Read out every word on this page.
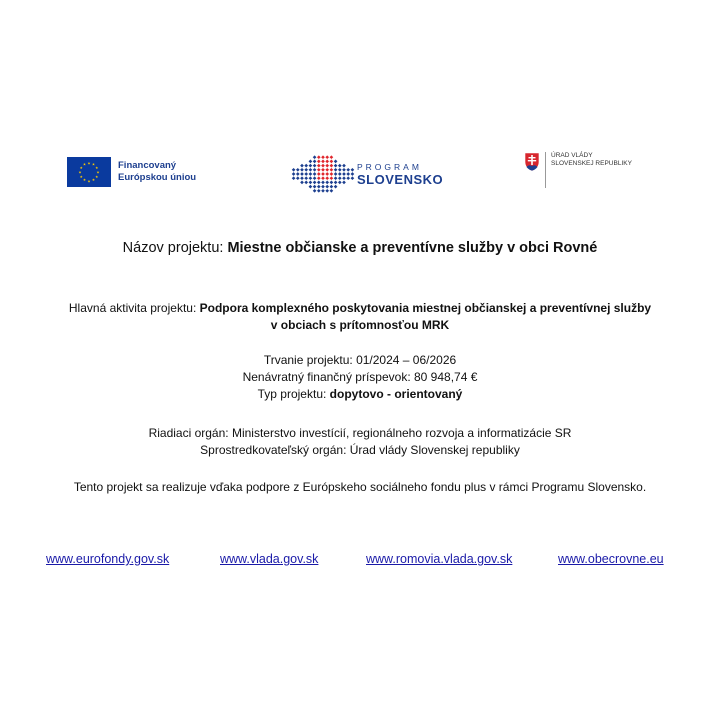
★ ★
★
★
★
★
★
★
★
★
★
★	Financovaný
Európskou úniou
PROGRAM
SLOVENSKO
ÚRAD VLÁDY
SLOVENSKEJ REPUBLIKY
Názov projektu: Miestne občianske a preventívne služby v obci Rovné
Hlavná aktivita projektu: Podpora komplexného poskytovania miestnej občianskej a preventívnej služby
v obciach s prítomnosťou MRK
Trvanie projektu: 01/2024 – 06/2026
Nenávratný finančný príspevok: 80 948,74 €
Typ projektu: dopytovo - orientovaný
Riadiaci orgán: Ministerstvo investícií, regionálneho rozvoja a informatizácie SR
Sprostredkovateľský orgán: Úrad vlády Slovenskej republiky
Tento projekt sa realizuje vďaka podpore z Európskeho sociálneho fondu plus v rámci Programu Slovensko.
www.eurofondy.gov.sk	www.vlada.gov.sk	www.romovia.vlada.gov.sk	www.obecrovne.eu
